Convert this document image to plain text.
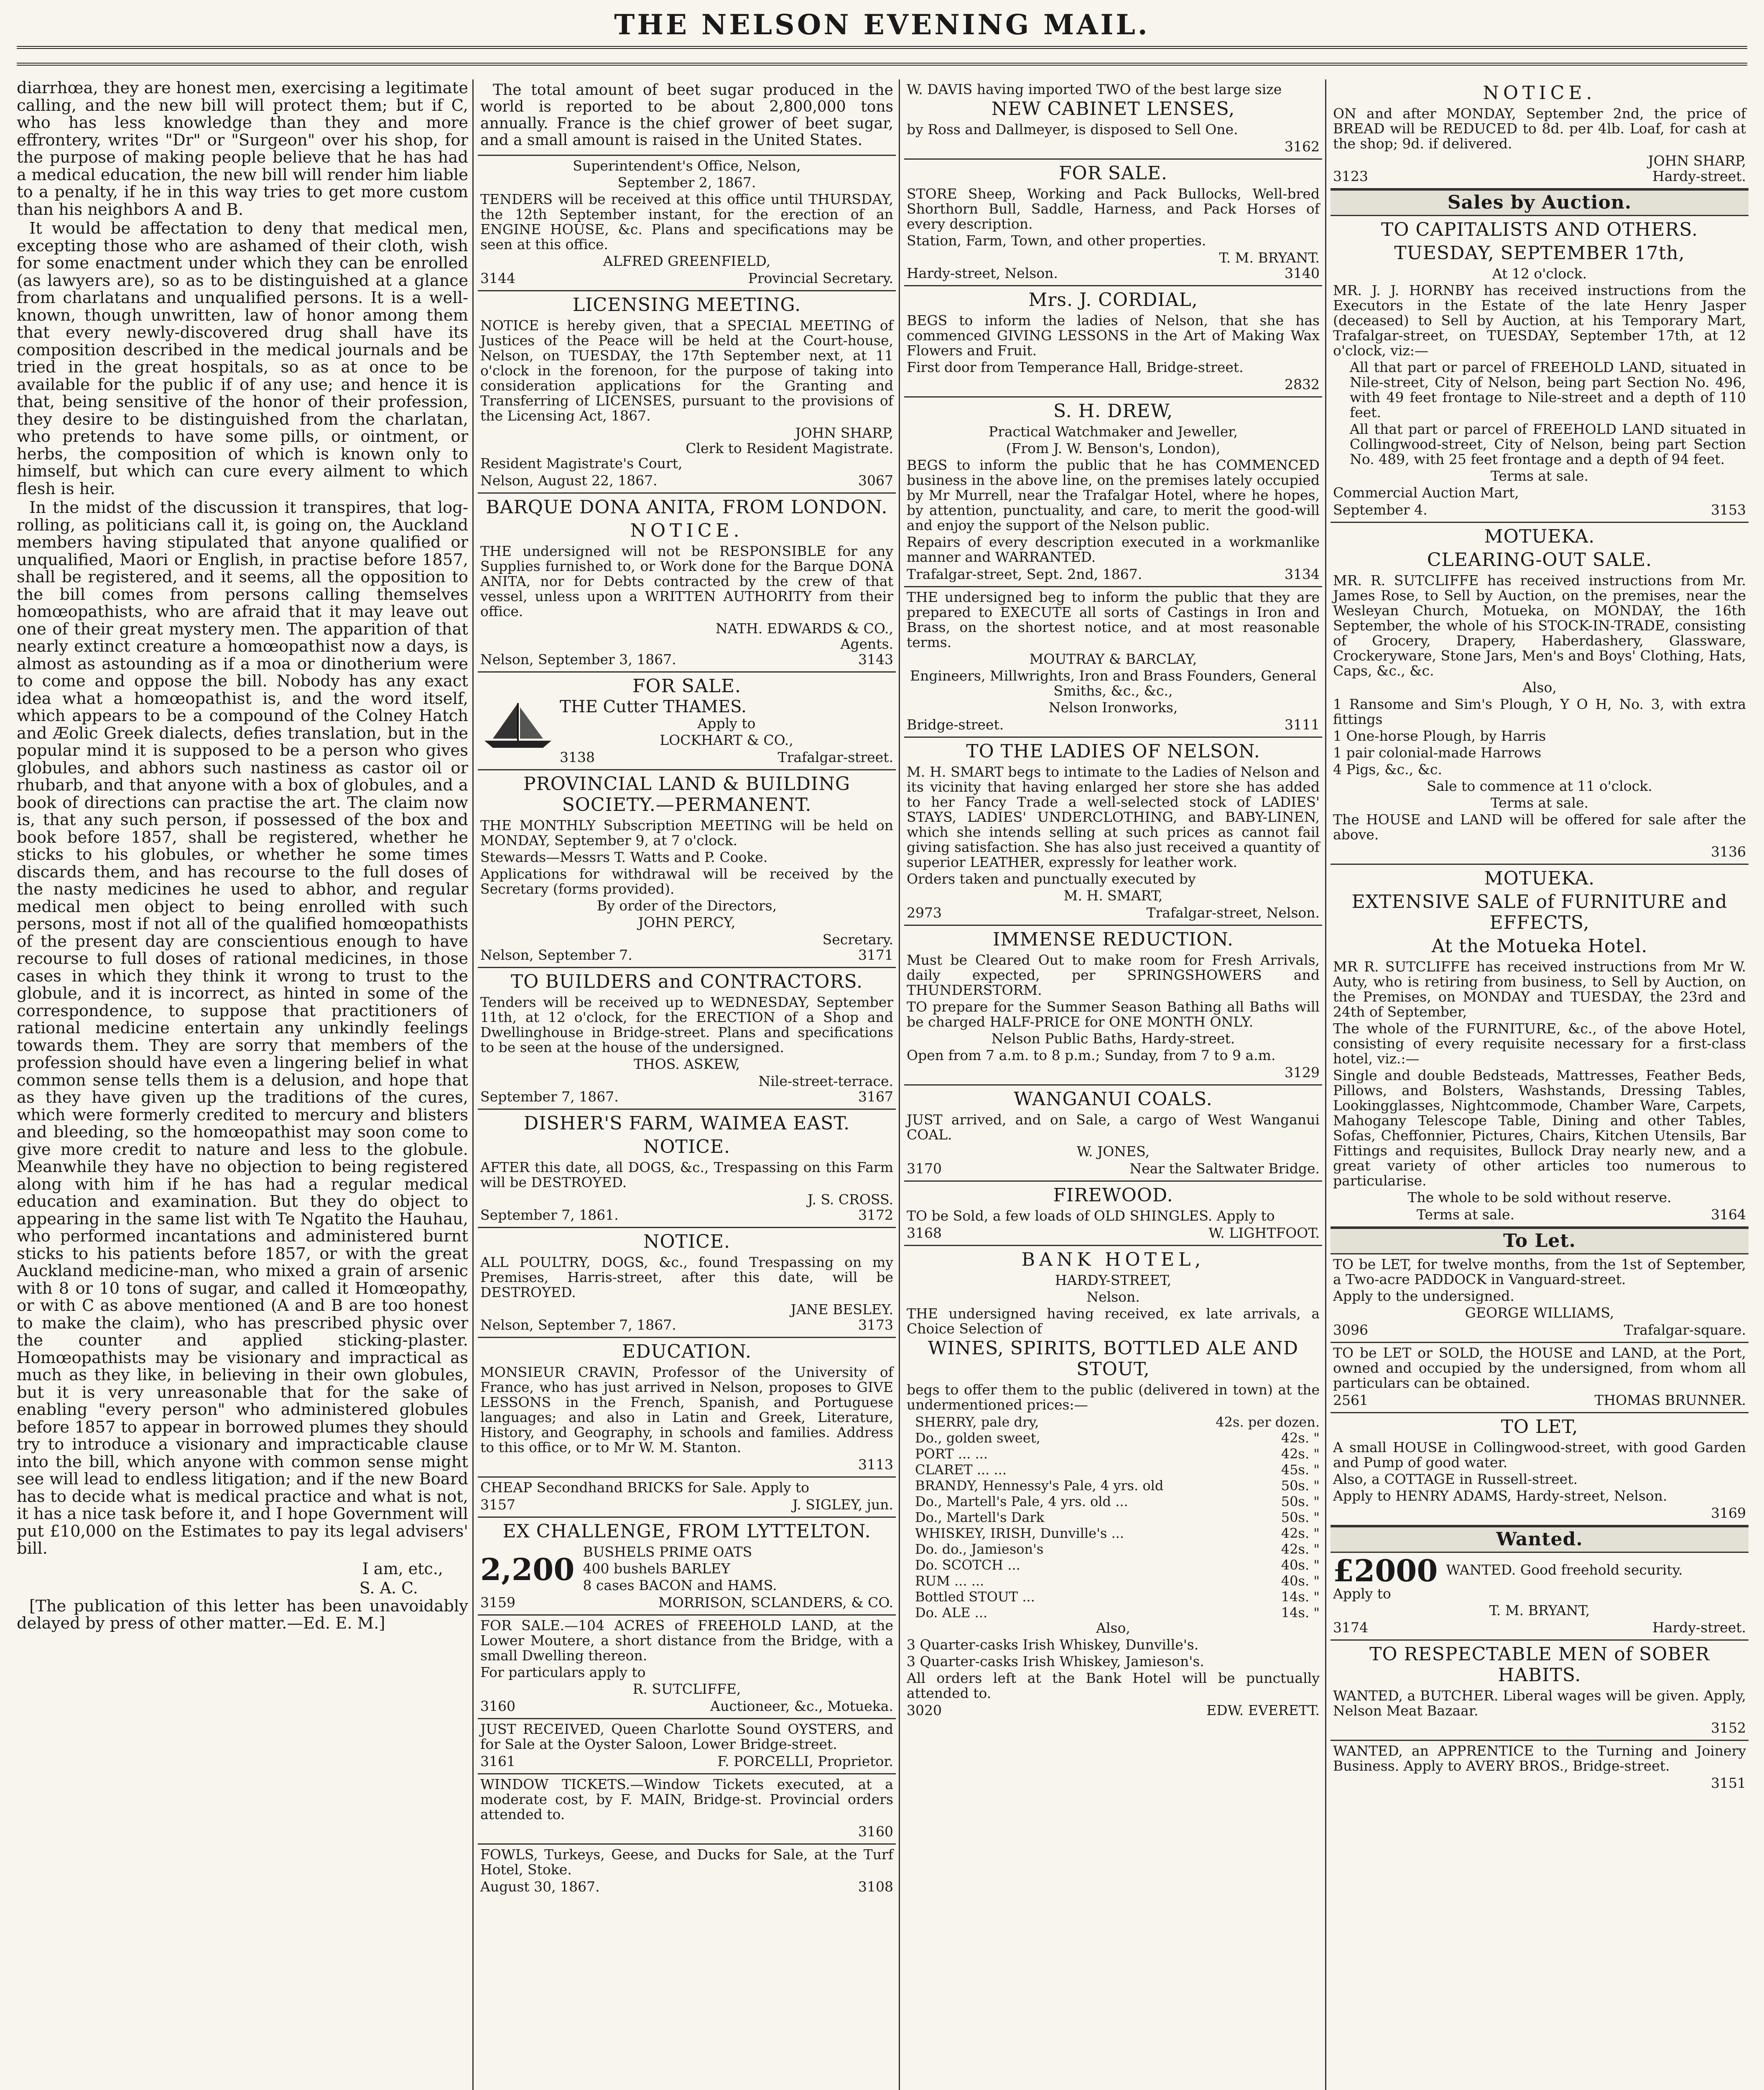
THE NELSON EVENING MAIL.

diarrhœa, they are honest men, exercising a legitimate calling, and the new bill will protect them; but if C, who has less knowledge than they and more effrontery, writes "Dr" or "Surgeon" over his shop, for the purpose of making people believe that he has had a medical education, the new bill will render him liable to a penalty, if he in this way tries to get more custom than his neighbors A and B.

It would be affectation to deny that medical men, excepting those who are ashamed of their cloth, wish for some enactment under which they can be enrolled (as lawyers are), so as to be distinguished at a glance from charlatans and unqualified persons. It is a well-known, though unwritten, law of honor among them that every newly-discovered drug shall have its composition described in the medical journals and be tried in the great hospitals, so as at once to be available for the public if of any use; and hence it is that, being sensitive of the honor of their profession, they desire to be distinguished from the charlatan, who pretends to have some pills, or ointment, or herbs, the composition of which is known only to himself, but which can cure every ailment to which flesh is heir.

In the midst of the discussion it transpires, that log-rolling, as politicians call it, is going on, the Auckland members having stipulated that anyone qualified or unqualified, Maori or English, in practise before 1857, shall be registered, and it seems, all the opposition to the bill comes from persons calling themselves homœopathists, who are afraid that it may leave out one of their great mystery men. The apparition of that nearly extinct creature a homœopathist now a days, is almost as astounding as if a moa or dinotherium were to come and oppose the bill. Nobody has any exact idea what a homœopathist is, and the word itself, which appears to be a compound of the Colney Hatch and Æolic Greek dialects, defies translation, but in the popular mind it is supposed to be a person who gives globules, and abhors such nastiness as castor oil or rhubarb, and that anyone with a box of globules, and a book of directions can practise the art. The claim now is, that any such person, if possessed of the box and book before 1857, shall be registered, whether he sticks to his globules, or whether he some times discards them, and has recourse to the full doses of the nasty medicines he used to abhor, and regular medical men object to being enrolled with such persons, most if not all of the qualified homœopathists of the present day are conscientious enough to have recourse to full doses of rational medicines, in those cases in which they think it wrong to trust to the globule, and it is incorrect, as hinted in some of the correspondence, to suppose that practitioners of rational medicine entertain any unkindly feelings towards them. They are sorry that members of the profession should have even a lingering belief in what common sense tells them is a delusion, and hope that as they have given up the traditions of the cures, which were formerly credited to mercury and blisters and bleeding, so the homœopathist may soon come to give more credit to nature and less to the globule. Meanwhile they have no objection to being registered along with him if he has had a regular medical education and examination. But they do object to appearing in the same list with Te Ngatito the Hauhau, who performed incantations and administered burnt sticks to his patients before 1857, or with the great Auckland medicine-man, who mixed a grain of arsenic with 8 or 10 tons of sugar, and called it Homœopathy, or with C as above mentioned (A and B are too honest to make the claim), who has prescribed physic over the counter and applied sticking-plaster. Homœopathists may be visionary and impractical as much as they like, in believing in their own globules, but it is very unreasonable that for the sake of enabling "every person" who administered globules before 1857 to appear in borrowed plumes they should try to introduce a visionary and impracticable clause into the bill, which anyone with common sense might see will lead to endless litigation; and if the new Board has to decide what is medical practice and what is not, it has a nice task before it, and I hope Government will put £10,000 on the Estimates to pay its legal advisers' bill.

I am, etc.,
S. A. C.

[The publication of this letter has been unavoidably delayed by press of other matter.—Ed. E. M.]

The total amount of beet sugar produced in the world is reported to be about 2,800,000 tons annually. France is the chief grower of beet sugar, and a small amount is raised in the United States.
Superintendent's Office, Nelson,
September 2, 1867.
TENDERS will be received at this office until THURSDAY, the 12th September instant, for the erection of an ENGINE HOUSE, &c. Plans and specifications may be seen at this office.
ALFRED GREENFIELD,
3144	Provincial Secretary.
LICENSING MEETING.
NOTICE is hereby given, that a SPECIAL MEETING of Justices of the Peace will be held at the Court-house, Nelson, on TUESDAY, the 17th September next, at 11 o'clock in the forenoon, for the purpose of taking into consideration applications for the Granting and Transferring of LICENSES, pursuant to the provisions of the Licensing Act, 1867.
JOHN SHARP,
Clerk to Resident Magistrate.
Resident Magistrate's Court,
Nelson, August 22, 1867.	3067
BARQUE DONA ANITA, FROM LONDON.
NOTICE.
THE undersigned will not be RESPONSIBLE for any Supplies furnished to, or Work done for the Barque DONA ANITA, nor for Debts contracted by the crew of that vessel, unless upon a WRITTEN AUTHORITY from their office.
NATH. EDWARDS & CO.,
Agents.
Nelson, September 3, 1867.	3143
FOR SALE.
THE Cutter THAMES.
Apply to
LOCKHART & CO.,
3138	Trafalgar-street.
PROVINCIAL LAND & BUILDING SOCIETY.—PERMANENT.
THE MONTHLY Subscription MEETING will be held on MONDAY, September 9, at 7 o'clock.
Stewards—Messrs T. Watts and P. Cooke.
Applications for withdrawal will be received by the Secretary (forms provided).
By order of the Directors,
JOHN PERCY,
Secretary.
Nelson, September 7.	3171
TO BUILDERS and CONTRACTORS.
Tenders will be received up to WEDNESDAY, September 11th, at 12 o'clock, for the ERECTION of a Shop and Dwellinghouse in Bridge-street. Plans and specifications to be seen at the house of the undersigned.
THOS. ASKEW,
Nile-street-terrace.
September 7, 1867.	3167
DISHER'S FARM, WAIMEA EAST.
NOTICE.
AFTER this date, all DOGS, &c., Trespassing on this Farm will be DESTROYED.
J. S. CROSS.
September 7, 1861.	3172
NOTICE.
ALL POULTRY, DOGS, &c., found Trespassing on my Premises, Harris-street, after this date, will be DESTROYED.
JANE BESLEY.
Nelson, September 7, 1867.	3173
EDUCATION.
MONSIEUR CRAVIN, Professor of the University of France, who has just arrived in Nelson, proposes to GIVE LESSONS in the French, Spanish, and Portuguese languages; and also in Latin and Greek, Literature, History, and Geography, in schools and families. Address to this office, or to Mr W. M. Stanton.
3113
CHEAP Secondhand BRICKS for Sale. Apply to
3157	J. SIGLEY, jun.
EX CHALLENGE, FROM LYTTELTON.
2,200 BUSHELS PRIME OATS
400 bushels BARLEY
8 cases BACON and HAMS.
3159	MORRISON, SCLANDERS, & CO.
FOR SALE.—104 ACRES of FREEHOLD LAND, at the Lower Moutere, a short distance from the Bridge, with a small Dwelling thereon.
For particulars apply to
R. SUTCLIFFE,
3160	Auctioneer, &c., Motueka.
JUST RECEIVED, Queen Charlotte Sound OYSTERS, and for Sale at the Oyster Saloon, Lower Bridge-street.
3161	F. PORCELLI, Proprietor.
WINDOW TICKETS.—Window Tickets executed, at a moderate cost, by F. MAIN, Bridge-st. Provincial orders attended to.
3160
FOWLS, Turkeys, Geese, and Ducks for Sale, at the Turf Hotel, Stoke.
August 30, 1867.	3108
W. DAVIS having imported TWO of the best large size
NEW CABINET LENSES,
by Ross and Dallmeyer, is disposed to Sell One.
3162
FOR SALE.
STORE Sheep, Working and Pack Bullocks, Well-bred Shorthorn Bull, Saddle, Harness, and Pack Horses of every description.
Station, Farm, Town, and other properties.
T. M. BRYANT.
Hardy-street, Nelson.	3140
Mrs. J. CORDIAL,
BEGS to inform the ladies of Nelson, that she has commenced GIVING LESSONS in the Art of Making Wax Flowers and Fruit.
First door from Temperance Hall, Bridge-street.
2832
S. H. DREW,
Practical Watchmaker and Jeweller,
(From J. W. Benson's, London),
BEGS to inform the public that he has COMMENCED business in the above line, on the premises lately occupied by Mr Murrell, near the Trafalgar Hotel, where he hopes, by attention, punctuality, and care, to merit the good-will and enjoy the support of the Nelson public.
Repairs of every description executed in a workmanlike manner and WARRANTED.
Trafalgar-street, Sept. 2nd, 1867.	3134
THE undersigned beg to inform the public that they are prepared to EXECUTE all sorts of Castings in Iron and Brass, on the shortest notice, and at most reasonable terms.
MOUTRAY & BARCLAY,
Engineers, Millwrights, Iron and Brass Founders, General Smiths, &c., &c.,
Nelson Ironworks,
Bridge-street.	3111
TO THE LADIES OF NELSON.
M. H. SMART begs to intimate to the Ladies of Nelson and its vicinity that having enlarged her store she has added to her Fancy Trade a well-selected stock of LADIES' STAYS, LADIES' UNDERCLOTHING, and BABY-LINEN, which she intends selling at such prices as cannot fail giving satisfaction. She has also just received a quantity of superior LEATHER, expressly for leather work.
Orders taken and punctually executed by
M. H. SMART,
2973	Trafalgar-street, Nelson.
IMMENSE REDUCTION.
Must be Cleared Out to make room for Fresh Arrivals, daily expected, per SPRINGSHOWERS and THUNDERSTORM.
TO prepare for the Summer Season Bathing all Baths will be charged HALF-PRICE for ONE MONTH ONLY.
Nelson Public Baths, Hardy-street.
Open from 7 a.m. to 8 p.m.; Sunday, from 7 to 9 a.m.
3129
WANGANUI COALS.
JUST arrived, and on Sale, a cargo of West Wanganui COAL.
W. JONES,
3170	Near the Saltwater Bridge.
FIREWOOD.
TO be Sold, a few loads of OLD SHINGLES. Apply to
3168	W. LIGHTFOOT.
BANK HOTEL,
HARDY-STREET,
Nelson.
THE undersigned having received, ex late arrivals, a Choice Selection of
WINES, SPIRITS, BOTTLED ALE AND STOUT,
begs to offer them to the public (delivered in town) at the undermentioned prices:—
SHERRY, pale dry,	42s. per dozen.
Do., golden sweet,	42s. "
PORT ... ...	42s. "
CLARET ... ...	45s. "
BRANDY, Hennessy's Pale, 4 yrs. old	50s. "
Do., Martell's Pale, 4 yrs. old ...	50s. "
Do., Martell's Dark	50s. "
WHISKEY, IRISH, Dunville's ...	42s. "
Do. do., Jamieson's	42s. "
Do. SCOTCH ...	40s. "
RUM ... ...	40s. "
Bottled STOUT ...	14s. "
Do. ALE ...	14s. "
Also,
3 Quarter-casks Irish Whiskey, Dunville's.
3 Quarter-casks Irish Whiskey, Jamieson's.
All orders left at the Bank Hotel will be punctually attended to.
3020	EDW. EVERETT.
NOTICE.
ON and after MONDAY, September 2nd, the price of BREAD will be REDUCED to 8d. per 4lb. Loaf, for cash at the shop; 9d. if delivered.
JOHN SHARP,
3123	Hardy-street.
Sales by Auction.
TO CAPITALISTS AND OTHERS.
TUESDAY, SEPTEMBER 17th,
At 12 o'clock.
MR. J. J. HORNBY has received instructions from the Executors in the Estate of the late Henry Jasper (deceased) to Sell by Auction, at his Temporary Mart, Trafalgar-street, on TUESDAY, September 17th, at 12 o'clock, viz:—
All that part or parcel of FREEHOLD LAND, situated in Nile-street, City of Nelson, being part Section No. 496, with 49 feet frontage to Nile-street and a depth of 110 feet.
All that part or parcel of FREEHOLD LAND situated in Collingwood-street, City of Nelson, being part Section No. 489, with 25 feet frontage and a depth of 94 feet.
Terms at sale.
Commercial Auction Mart,
September 4.	3153
MOTUEKA.
CLEARING-OUT SALE.
MR. R. SUTCLIFFE has received instructions from Mr. James Rose, to Sell by Auction, on the premises, near the Wesleyan Church, Motueka, on MONDAY, the 16th September, the whole of his STOCK-IN-TRADE, consisting of Grocery, Drapery, Haberdashery, Glassware, Crockeryware, Stone Jars, Men's and Boys' Clothing, Hats, Caps, &c., &c.
Also,
1 Ransome and Sim's Plough, Y O H, No. 3, with extra fittings
1 One-horse Plough, by Harris
1 pair colonial-made Harrows
4 Pigs, &c., &c.
Sale to commence at 11 o'clock.
Terms at sale.
The HOUSE and LAND will be offered for sale after the above.
3136
MOTUEKA.
EXTENSIVE SALE of FURNITURE and EFFECTS,
At the Motueka Hotel.
MR R. SUTCLIFFE has received instructions from Mr W. Auty, who is retiring from business, to Sell by Auction, on the Premises, on MONDAY and TUESDAY, the 23rd and 24th of September,
The whole of the FURNITURE, &c., of the above Hotel, consisting of every requisite necessary for a first-class hotel, viz.:—
Single and double Bedsteads, Mattresses, Feather Beds, Pillows, and Bolsters, Washstands, Dressing Tables, Lookingglasses, Nightcommode, Chamber Ware, Carpets, Mahogany Telescope Table, Dining and other Tables, Sofas, Cheffonnier, Pictures, Chairs, Kitchen Utensils, Bar Fittings and requisites, Bullock Dray nearly new, and a great variety of other articles too numerous to particularise.
The whole to be sold without reserve.
Terms at sale.	3164
To Let.
TO be LET, for twelve months, from the 1st of September, a Two-acre PADDOCK in Vanguard-street.
Apply to the undersigned.
GEORGE WILLIAMS,
3096	Trafalgar-square.
TO be LET or SOLD, the HOUSE and LAND, at the Port, owned and occupied by the undersigned, from whom all particulars can be obtained.
2561	THOMAS BRUNNER.
TO LET,
A small HOUSE in Collingwood-street, with good Garden and Pump of good water.
Also, a COTTAGE in Russell-street.
Apply to HENRY ADAMS, Hardy-street, Nelson.
3169
Wanted.
£2000 WANTED. Good freehold security.
Apply to
T. M. BRYANT,
3174	Hardy-street.
TO RESPECTABLE MEN of SOBER HABITS.
WANTED, a BUTCHER. Liberal wages will be given. Apply, Nelson Meat Bazaar.
3152
WANTED, an APPRENTICE to the Turning and Joinery Business. Apply to AVERY BROS., Bridge-street.
3151
